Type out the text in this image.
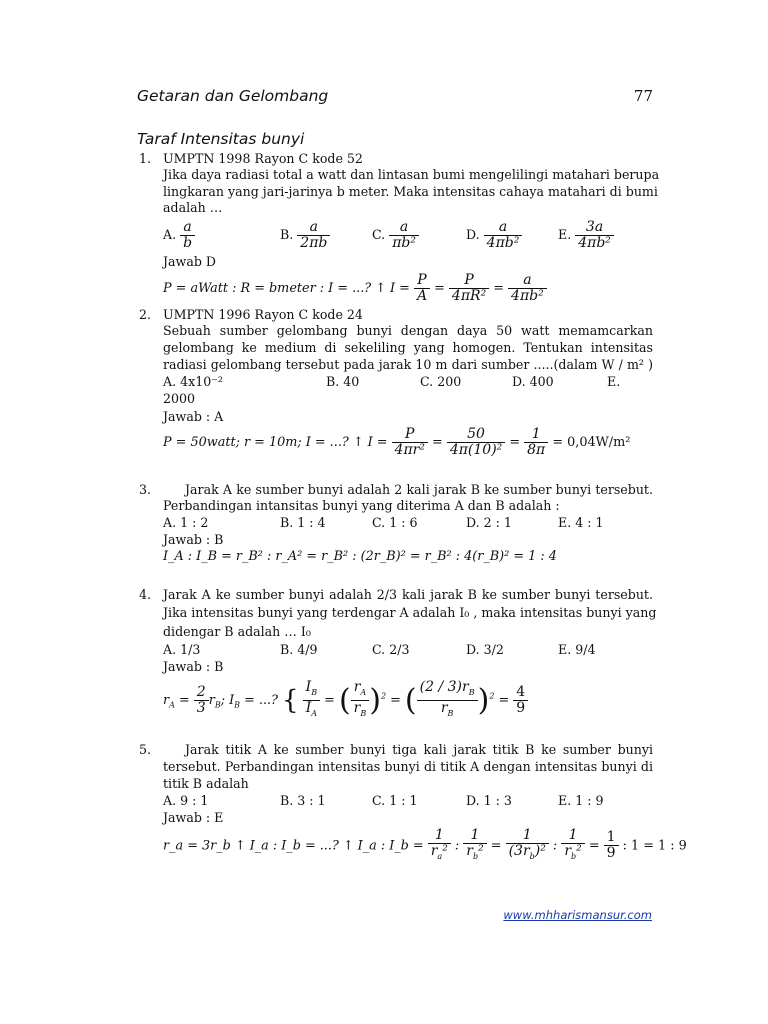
Getaran dan Gelombang	77
Taraf Intensitas bunyi
1. UMPTN 1998 Rayon C kode 52
Jika daya radiasi total a watt dan lintasan bumi mengelilingi matahari berupa
lingkaran yang jari-jarinya b meter. Maka intensitas cahaya matahari di bumi
adalah …
A. $\frac{a}{b}$	B. $\frac{a}{2\pi b}$	C. $\frac{a}{\text{πb²}}$	D. $\frac{a}{\text{4πb²}}$	E. $\frac{3a}{\text{4πb²}}$
Jawab D
P = aWatt : R = bmeter : I = ...? ↑ $I = \frac{P}{A} = \frac{P}{\text{4πR²}} = \frac{a}{\text{4πb²}}$
2. UMPTN 1996 Rayon C kode 24
Sebuah sumber gelombang bunyi dengan daya 50 watt memamcarkan
gelombang ke medium di sekeliling yang homogen. Tentukan intensitas
radiasi gelombang tersebut pada jarak 10 m dari sumber .....(dalam W / m² )
A. 4x10⁻²	B. 40	C. 200	D. 400	E.
2000
Jawab : A
P = 50watt; r = 10m; I = ...? ↑ $I = \frac{P}{\text{4πr²}} = \frac{50}{\text{4π(10)²}} = \frac{1}{8\pi} = 0,04W/m^2$
3.	Jarak A ke sumber bunyi adalah 2 kali jarak B ke sumber bunyi tersebut.
Perbandingan intansitas bunyi yang diterima A dan B adalah :
A. 1 : 2	B. 1 : 4	C. 1 : 6	D. 2 : 1	E. 4 : 1
Jawab : B
I_A : I_B = r_B² : r_A² = r_B² : (2r_B)² = r_B² : 4(r_B)² = 1 : 4
4. Jarak A ke sumber bunyi adalah 2/3 kali jarak B ke sumber bunyi tersebut.
Jika intensitas bunyi yang terdengar A adalah I₀ , maka intensitas bunyi yang
didengar B adalah … I₀
A. 1/3	B. 4/9	C. 2/3	D. 3/2	E. 9/4
Jawab : B
$r_A = \frac{2}{3} r_B$; $I_B$ = ...? { $\frac{I_B}{I_A}$ = ( $\frac{r_A}{r_B} )^2$ = ( $\frac{(2 / 3)r_B}{r_B} )^2 = \frac{4}{9}$
5.	Jarak titik A ke sumber bunyi tiga kali jarak titik B ke sumber bunyi
tersebut. Perbandingan intensitas bunyi di titik A dengan intensitas bunyi di
titik B adalah
A. 9 : 1	B. 3 : 1	C. 1 : 1	D. 1 : 3	E. 1 : 9
Jawab : E
r_a = 3r_b ↑ I_a : I_b = ...? ↑ I_a : I_b = $\frac{1}{r_a^2}$ : $\frac{1}{r_b^2} = \frac{1}{(3r_b)^2}$ : $\frac{1}{r_b^2} = \frac{1}{9}$ : 1 = 1 : 9
www.mhharismansur.com
